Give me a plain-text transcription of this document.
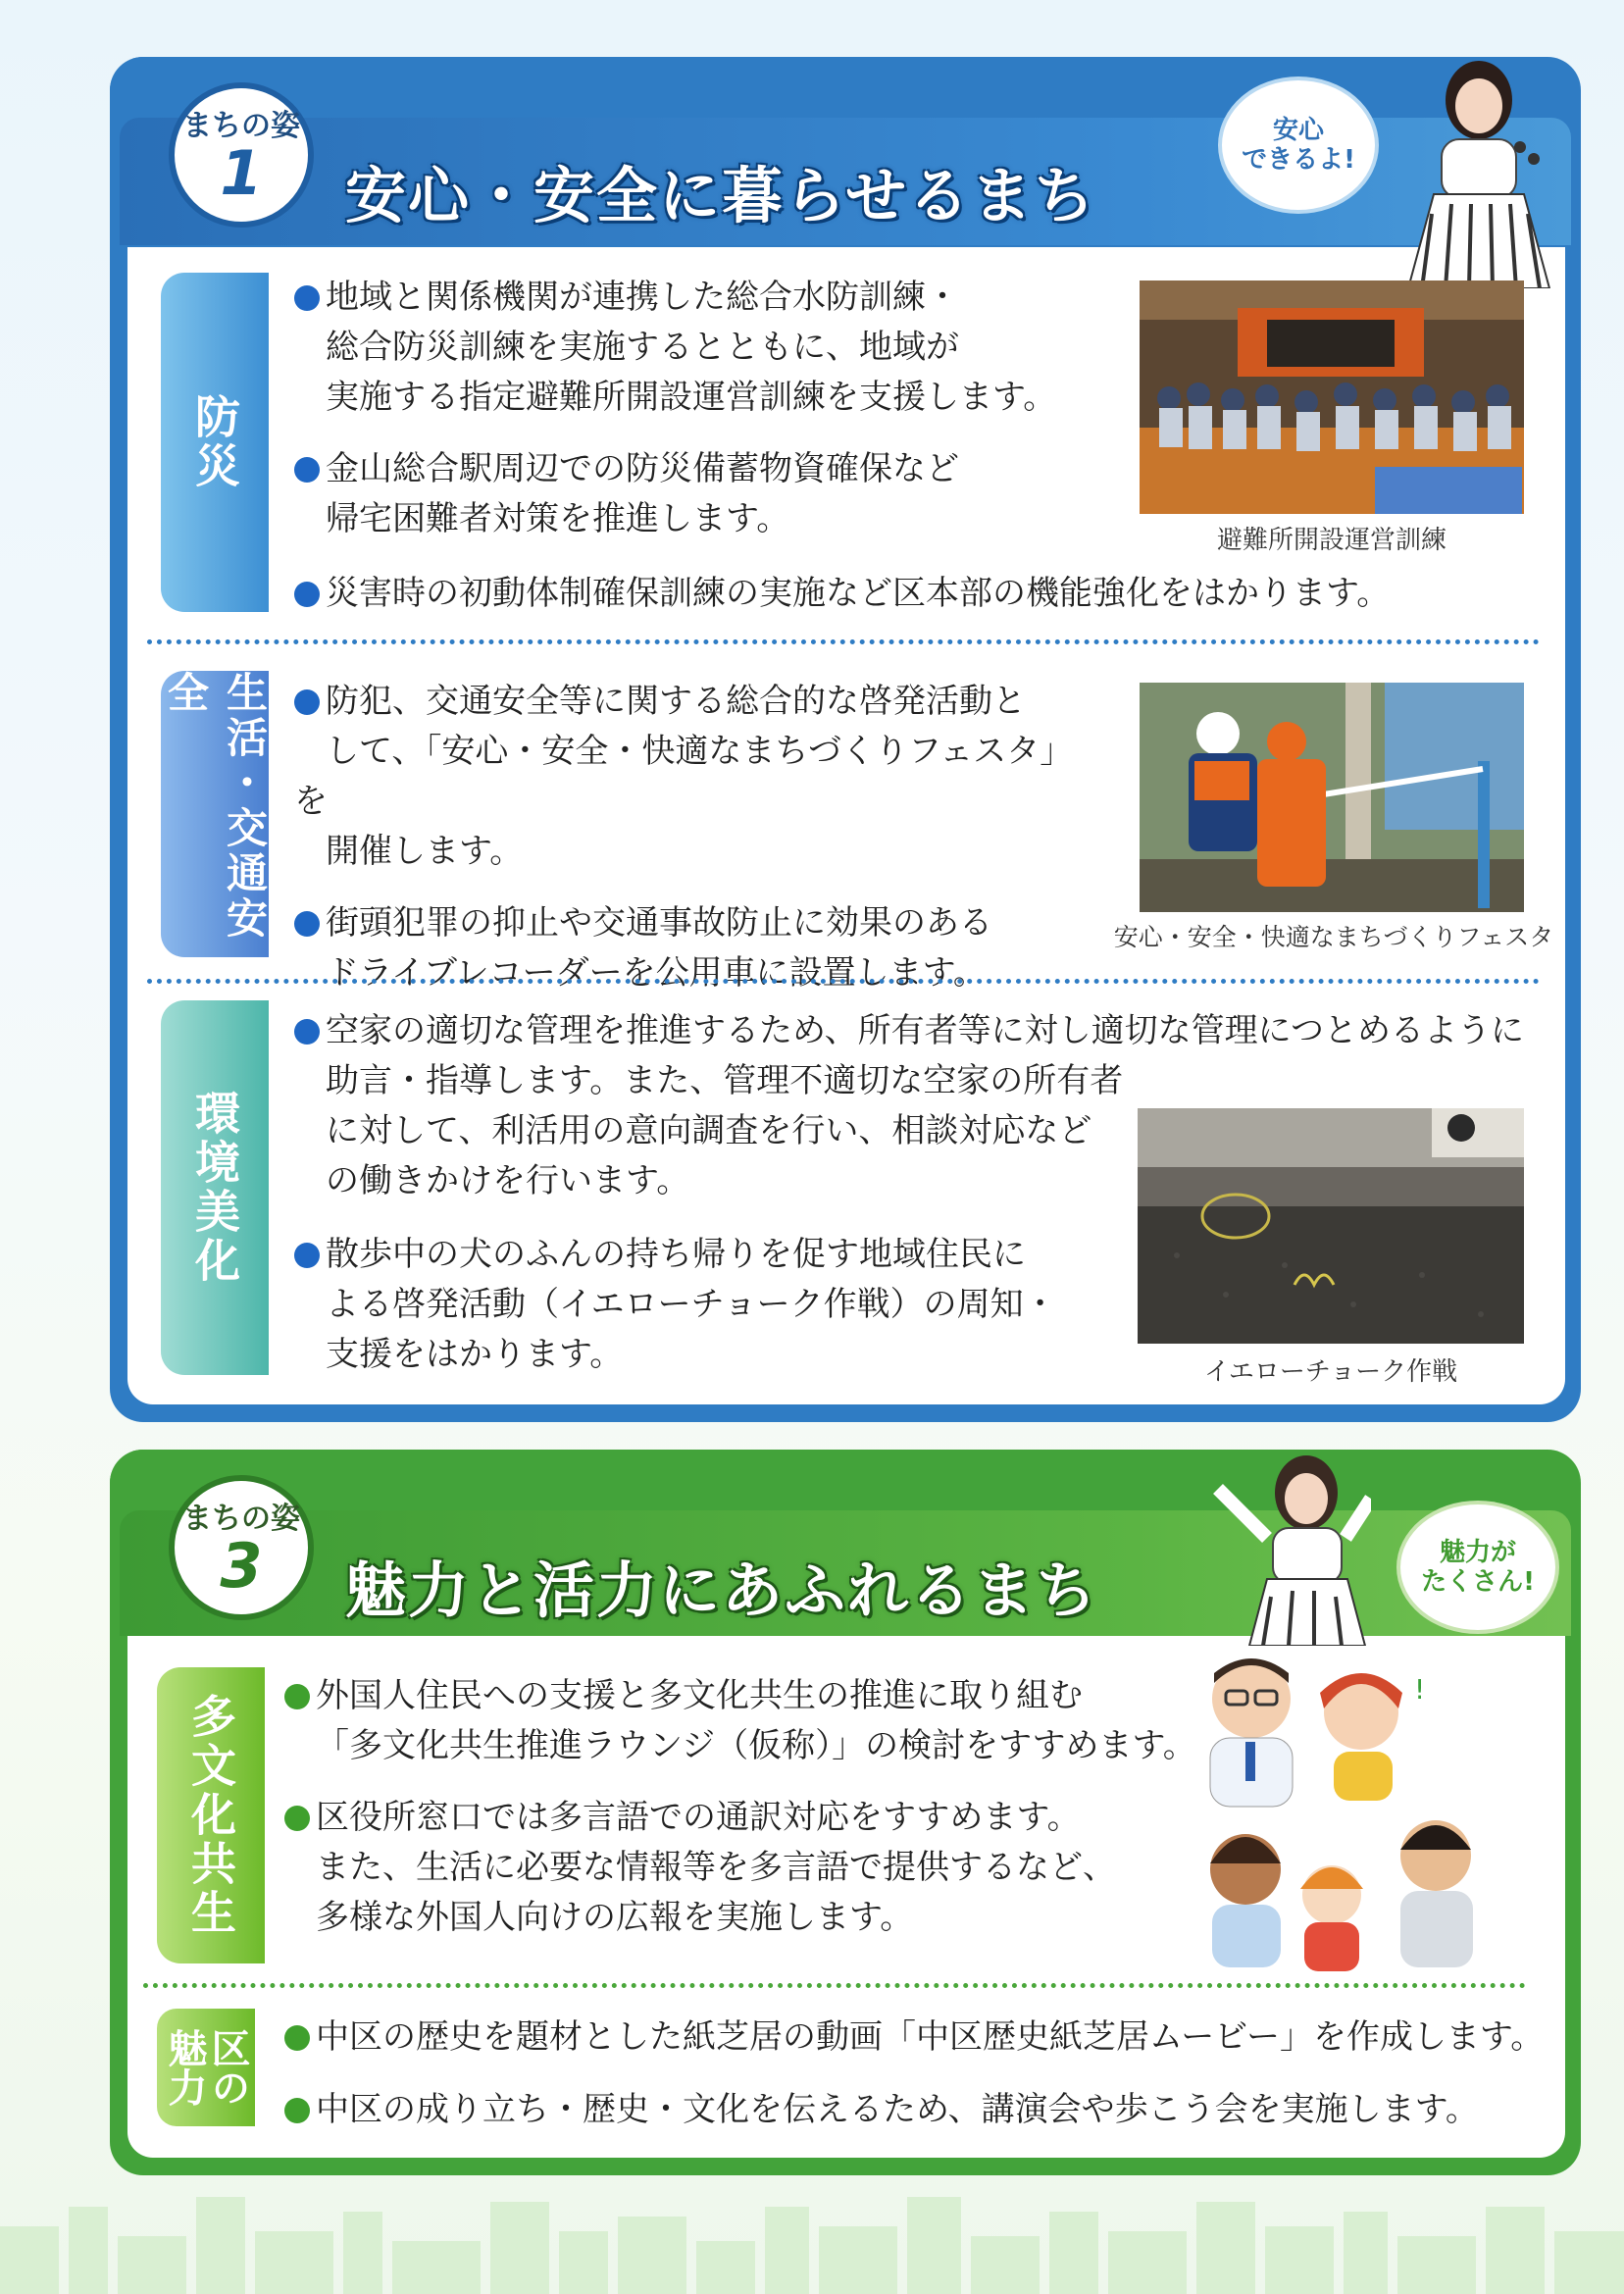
まちの姿
1	安心・安全に暮らせるまち
安心
できるよ!
防災
地域と関係機関が連携した総合水防訓練・
総合防災訓練を実施するとともに、地域が
実施する指定避難所開設運営訓練を支援します。
金山総合駅周辺での防災備蓄物資確保など
帰宅困難者対策を推進します。
災害時の初動体制確保訓練の実施など区本部の機能強化をはかります。
避難所開設運営訓練
生活・交通安全	防犯、交通安全等に関する総合的な啓発活動と
して、「安心・安全・快適なまちづくりフェスタ」を
開催します。
街頭犯罪の抑止や交通事故防止に効果のある
ドライブレコーダーを公用車に設置します。
安心・安全・快適なまちづくりフェスタ
環境美化
空家の適切な管理を推進するため、所有者等に対し適切な管理につとめるように
助言・指導します。また、管理不適切な空家の所有者
に対して、利活用の意向調査を行い、相談対応など
の働きかけを行います。
散歩中の犬のふんの持ち帰りを促す地域住民に
よる啓発活動（イエローチョーク作戦）の周知・
支援をはかります。	イエローチョーク作戦
まちの姿
3	魅力と活力にあふれるまち
魅力が
たくさん!
多文化共生	外国人住民への支援と多文化共生の推進に取り組む
「多文化共生推進ラウンジ（仮称）」の検討をすすめます。
区役所窓口では多言語での通訳対応をすすめます。
また、生活に必要な情報等を多言語で提供するなど、
多様な外国人向けの広報を実施します。
!
区の
魅力	中区の歴史を題材とした紙芝居の動画「中区歴史紙芝居ムービー」を作成します。
中区の成り立ち・歴史・文化を伝えるため、講演会や歩こう会を実施します。
